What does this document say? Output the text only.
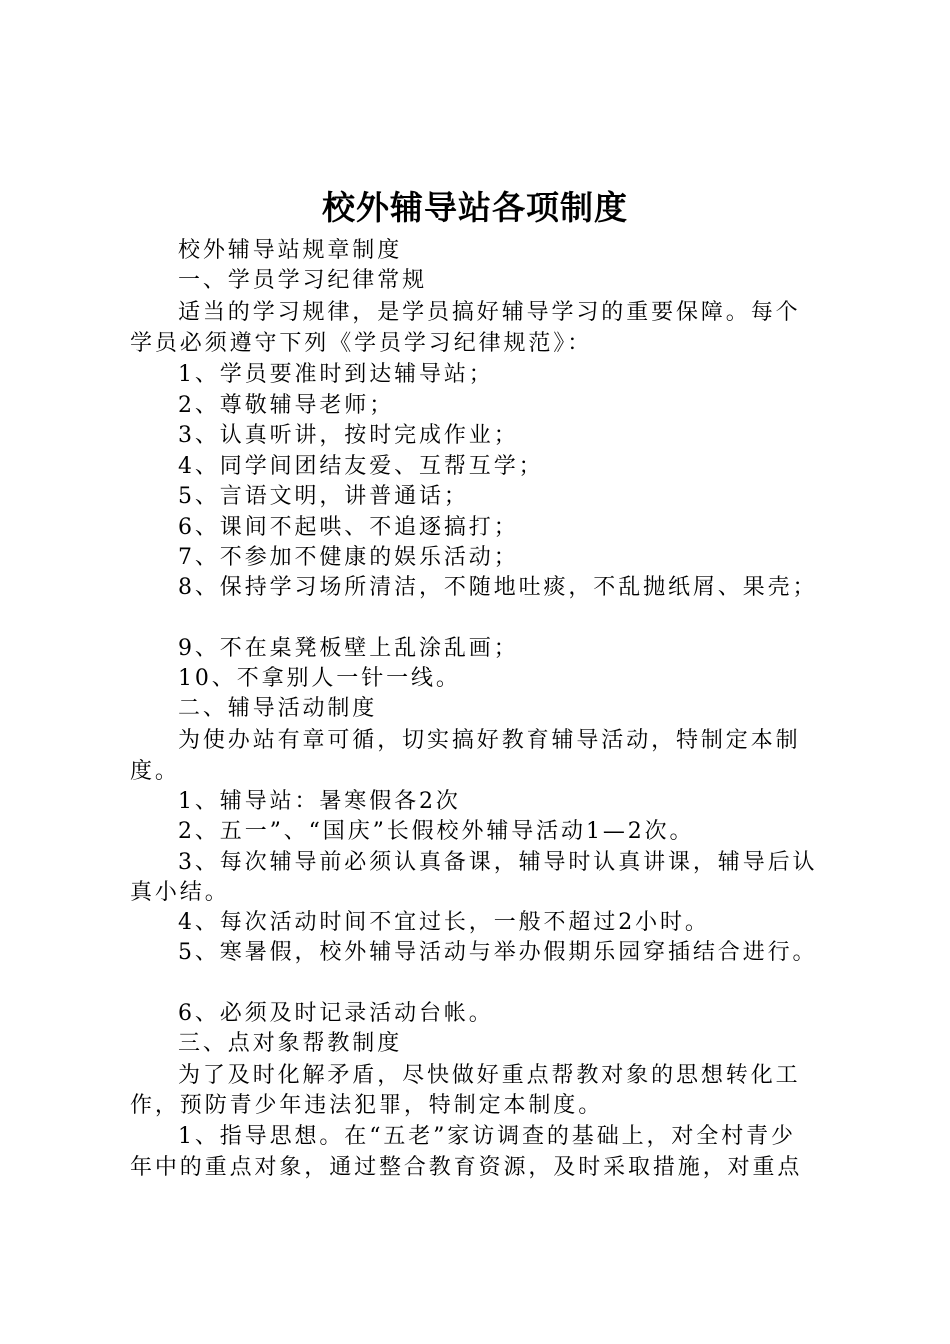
校外辅导站各项制度
校外辅导站规章制度
一、学员学习纪律常规
适当的学习规律，是学员搞好辅导学习的重要保障。每个
学员必须遵守下列《学员学习纪律规范》：
1、学员要准时到达辅导站；
2、尊敬辅导老师；
3、认真听讲，按时完成作业；
4、同学间团结友爱、互帮互学；
5、言语文明，讲普通话；
6、课间不起哄、不追逐搞打；
7、不参加不健康的娱乐活动；
8、保持学习场所清洁，不随地吐痰，不乱抛纸屑、果壳；
9、不在桌凳板壁上乱涂乱画；
10、不拿别人一针一线。
二、辅导活动制度
为使办站有章可循，切实搞好教育辅导活动，特制定本制
度。
1、辅导站：暑寒假各2次
2、五一”、“国庆”长假校外辅导活动1—2次。
3、每次辅导前必须认真备课，辅导时认真讲课，辅导后认
真小结。
4、每次活动时间不宜过长，一般不超过2小时。
5、寒暑假，校外辅导活动与举办假期乐园穿插结合进行。
6、必须及时记录活动台帐。
三、点对象帮教制度
为了及时化解矛盾，尽快做好重点帮教对象的思想转化工
作，预防青少年违法犯罪，特制定本制度。
1、指导思想。在“五老”家访调查的基础上，对全村青少
年中的重点对象，通过整合教育资源，及时采取措施，对重点
